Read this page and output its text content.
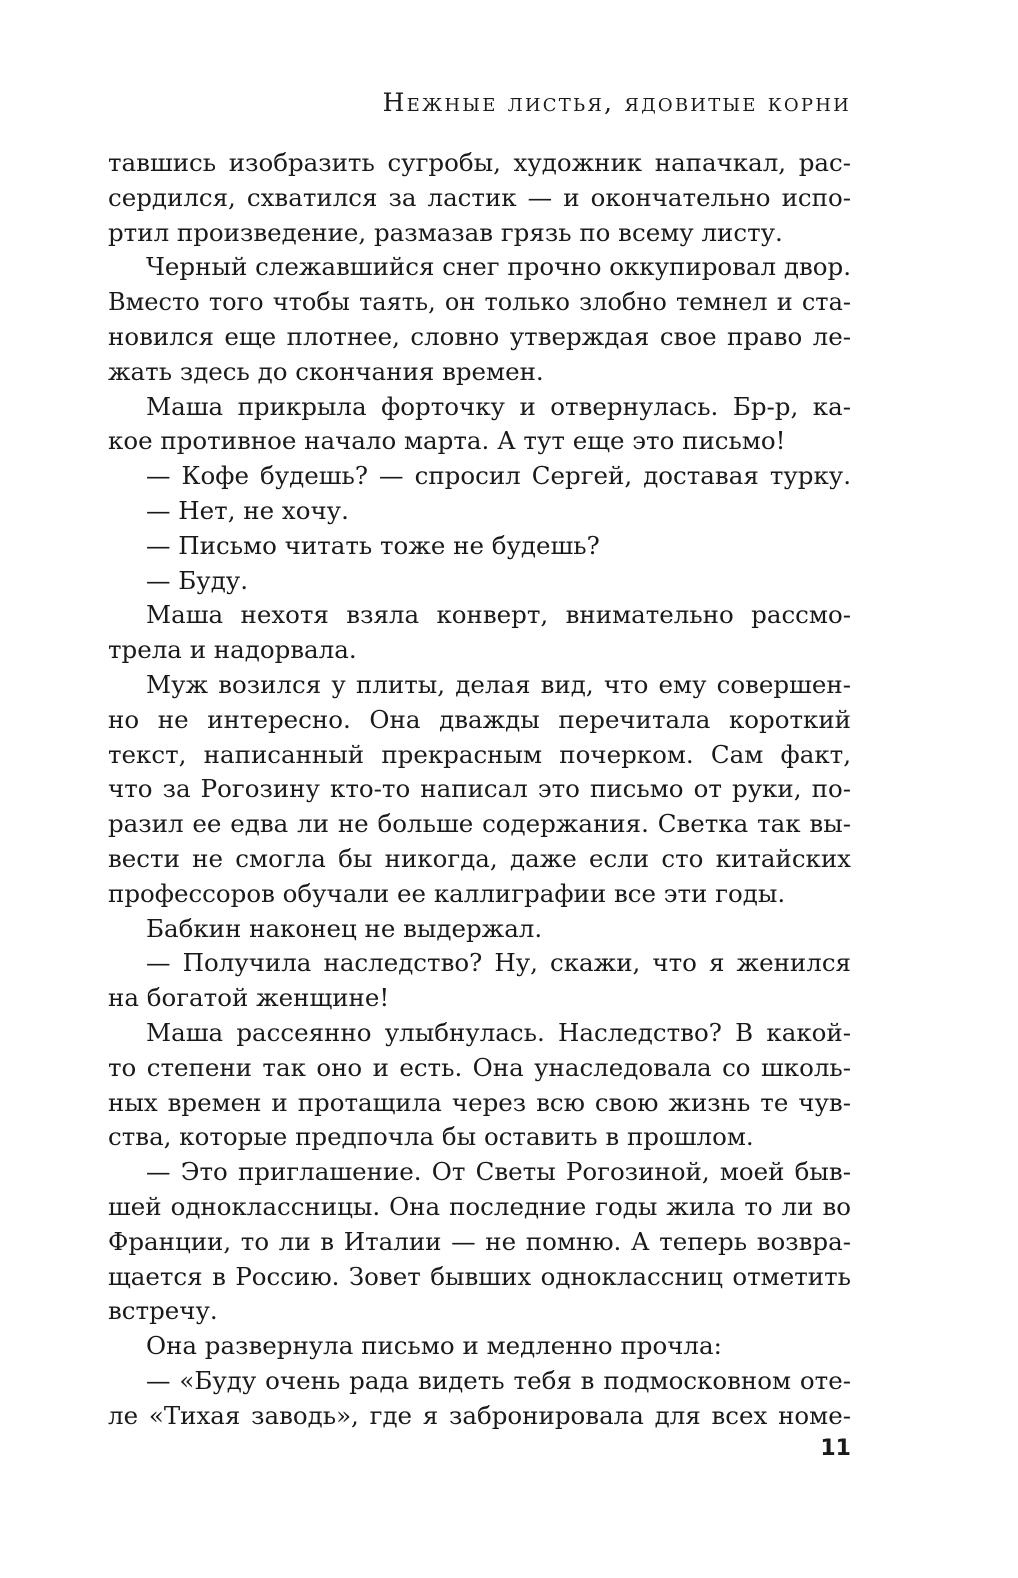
Нежные листья, ядовитые корни
тавшись изобразить сугробы, художник напачкал, рас-
сердился, схватился за ластик — и окончательно испо-
ртил произведение, размазав грязь по всему листу.
Черный слежавшийся снег прочно оккупировал двор.
Вместо того чтобы таять, он только злобно темнел и ста-
новился еще плотнее, словно утверждая свое право ле-
жать здесь до скончания времен.
Маша прикрыла форточку и отвернулась. Бр-р, ка-
кое противное начало марта. А тут еще это письмо!
— Кофе будешь? — спросил Сергей, доставая турку.
— Нет, не хочу.
— Письмо читать тоже не будешь?
— Буду.
Маша нехотя взяла конверт, внимательно рассмо-
трела и надорвала.
Муж возился у плиты, делая вид, что ему совершен-
но не интересно. Она дважды перечитала короткий
текст, написанный прекрасным почерком. Сам факт,
что за Рогозину кто-то написал это письмо от руки, по-
разил ее едва ли не больше содержания. Светка так вы-
вести не смогла бы никогда, даже если сто китайских
профессоров обучали ее каллиграфии все эти годы.
Бабкин наконец не выдержал.
— Получила наследство? Ну, скажи, что я женился
на богатой женщине!
Маша рассеянно улыбнулась. Наследство? В какой-
то степени так оно и есть. Она унаследовала со школь-
ных времен и протащила через всю свою жизнь те чув-
ства, которые предпочла бы оставить в прошлом.
— Это приглашение. От Светы Рогозиной, моей быв-
шей одноклассницы. Она последние годы жила то ли во
Франции, то ли в Италии — не помню. А теперь возвра-
щается в Россию. Зовет бывших одноклассниц отметить
встречу.
Она развернула письмо и медленно прочла:
— «Буду очень рада видеть тебя в подмосковном оте-
ле «Тихая заводь», где я забронировала для всех номе-
11
